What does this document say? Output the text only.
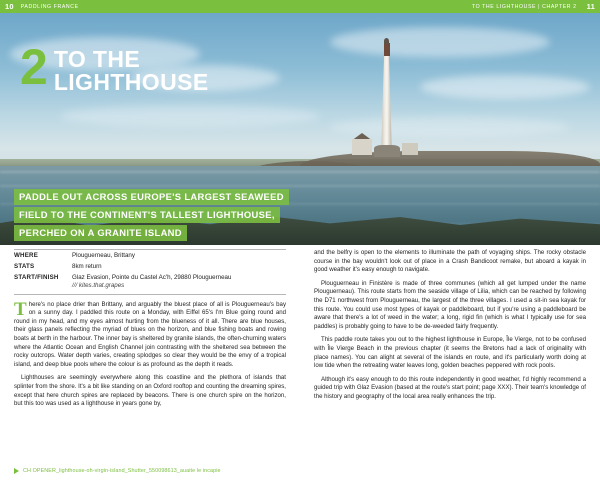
10 PADDLING FRANCE	TO THE LIGHTHOUSE | CHAPTER 2 11
2 TO THE
LIGHTHOUSE
PADDLE OUT ACROSS EUROPE'S LARGEST SEAWEED
FIELD TO THE CONTINENT'S TALLEST LIGHTHOUSE,
PERCHED ON A GRANITE ISLAND
WHERE	Plouguerneau, Brittany
STATS	8km return
START/FINISH	Glaz Evasion, Pointe du Castel Ac'h, 29880 Plouguerneau
/// kites.that.grapes

There's no place drier than Brittany, and arguably the bluest place of all is Plouguerneau's bay on a sunny day. I paddled this route on a Monday, with Eiffel 65's I'm Blue going round and round in my head, and my eyes almost hurting from the blueness of it all. There are blue houses, their glass panels reflecting the myriad of blues on the horizon, and blue fishing boats and rowing boats at berth in the harbour. The inner bay is sheltered by granite islands, the often-churning waters where the Atlantic Ocean and English Channel join contrasting with the sheltered sea between the rocky outcrops. Water depth varies, creating splodges so clear they would be the envy of a tropical island, and deep blue pools where the colour is as profound as the depth it reads.

Lighthouses are seemingly everywhere along this coastline and the plethora of islands that splinter from the shore. It's a bit like standing on an Oxford rooftop and counting the dreaming spires, except that here church spires are replaced by beacons. There is one church spire on the horizon, but this too was used as a lighthouse in years gone by,

and the belfry is open to the elements to illuminate the path of voyaging ships. The rocky obstacle course in the bay wouldn't look out of place in a Crash Bandicoot remake, but aboard a kayak in good weather it's easy enough to navigate.

Plouguerneau in Finistère is made of three communes (which all get lumped under the name Plouguerneau). This route starts from the seaside village of Lilia, which can be reached by following the D71 northwest from Plouguerneau, the largest of the three villages. I used a sit-in sea kayak for this route. You could use most types of kayak or paddleboard, but if you're using a paddleboard be aware that there's a lot of weed in the water; a long, rigid fin (which is what I typically use for sea paddles) is probably going to have to be de-weeded fairly frequently.

This paddle route takes you out to the highest lighthouse in Europe, Île Vierge, not to be confused with Île Vierge Beach in the previous chapter (it seems the Bretons had a lack of originality with place names). You can alight at several of the islands en route, and it's particularly worth doing at low tide when the retreating water leaves long, golden beaches peppered with rock pools.

Although it's easy enough to do this route independently in good weather, I'd highly recommend a guided trip with Glaz Evasion (based at the route's start point; page XXX). Their team's knowledge of the history and geography of the local area really enhances the trip.

CH OPENER_lighthouse-oh-virgin-island_Shutter_550098613_auaite le incapie
